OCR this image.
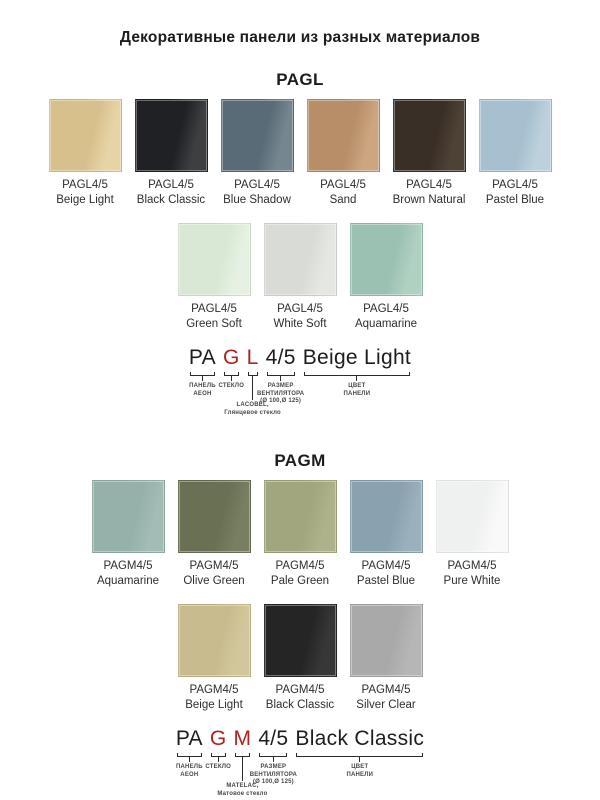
Декоративные панели из разных материалов
PAGL
PAGL4/5
Beige Light
PAGL4/5
Black Classic
PAGL4/5
Blue Shadow
PAGL4/5
Sand
PAGL4/5
Brown Natural
PAGL4/5
Pastel Blue
PAGL4/5
Green Soft
PAGL4/5
White Soft
PAGL4/5
Aquamarine
PA
ПАНЕЛЬ
АЕОН
G
СТЕКЛО
L
LACOBEL,
Глянцевое стекло
4/5
РАЗМЕР
ВЕНТИЛЯТОРА
(Ø 100,Ø 125)
Beige Light
ЦВЕТ
ПАНЕЛИ
PAGM
PAGM4/5
Aquamarine
PAGM4/5
Olive Green
PAGM4/5
Pale Green
PAGM4/5
Pastel Blue
PAGM4/5
Pure White
PAGM4/5
Beige Light
PAGM4/5
Black Classic
PAGM4/5
Silver Clear
PA
ПАНЕЛЬ
АЕОН
G
СТЕКЛО
M
MATELAC,
Матовое стекло
4/5
РАЗМЕР
ВЕНТИЛЯТОРА
(Ø 100,Ø 125)
Black Classic
ЦВЕТ
ПАНЕЛИ
